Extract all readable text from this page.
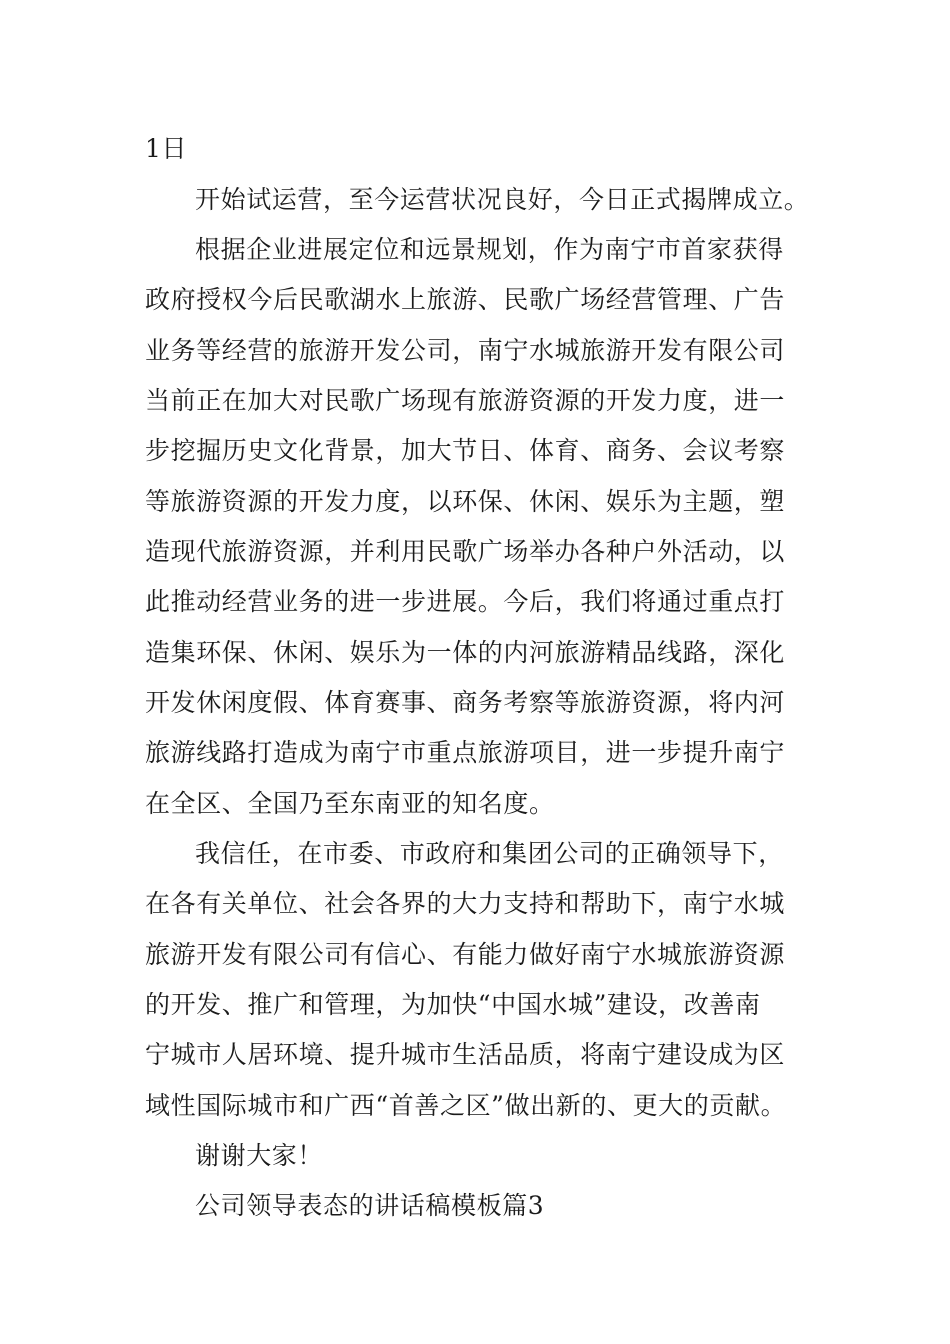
1日
开始试运营，至今运营状况良好，今日正式揭牌成立。
根据企业进展定位和远景规划，作为南宁市首家获得
政府授权今后民歌湖水上旅游、民歌广场经营管理、广告
业务等经营的旅游开发公司，南宁水城旅游开发有限公司
当前正在加大对民歌广场现有旅游资源的开发力度，进一
步挖掘历史文化背景，加大节日、体育、商务、会议考察
等旅游资源的开发力度，以环保、休闲、娱乐为主题，塑
造现代旅游资源，并利用民歌广场举办各种户外活动，以
此推动经营业务的进一步进展。今后，我们将通过重点打
造集环保、休闲、娱乐为一体的内河旅游精品线路，深化
开发休闲度假、体育赛事、商务考察等旅游资源，将内河
旅游线路打造成为南宁市重点旅游项目，进一步提升南宁
在全区、全国乃至东南亚的知名度。
我信任，在市委、市政府和集团公司的正确领导下，
在各有关单位、社会各界的大力支持和帮助下，南宁水城
旅游开发有限公司有信心、有能力做好南宁水城旅游资源
的开发、推广和管理，为加快“中国水城”建设，改善南
宁城市人居环境、提升城市生活品质，将南宁建设成为区
域性国际城市和广西“首善之区”做出新的、更大的贡献。
谢谢大家！
公司领导表态的讲话稿模板篇3
